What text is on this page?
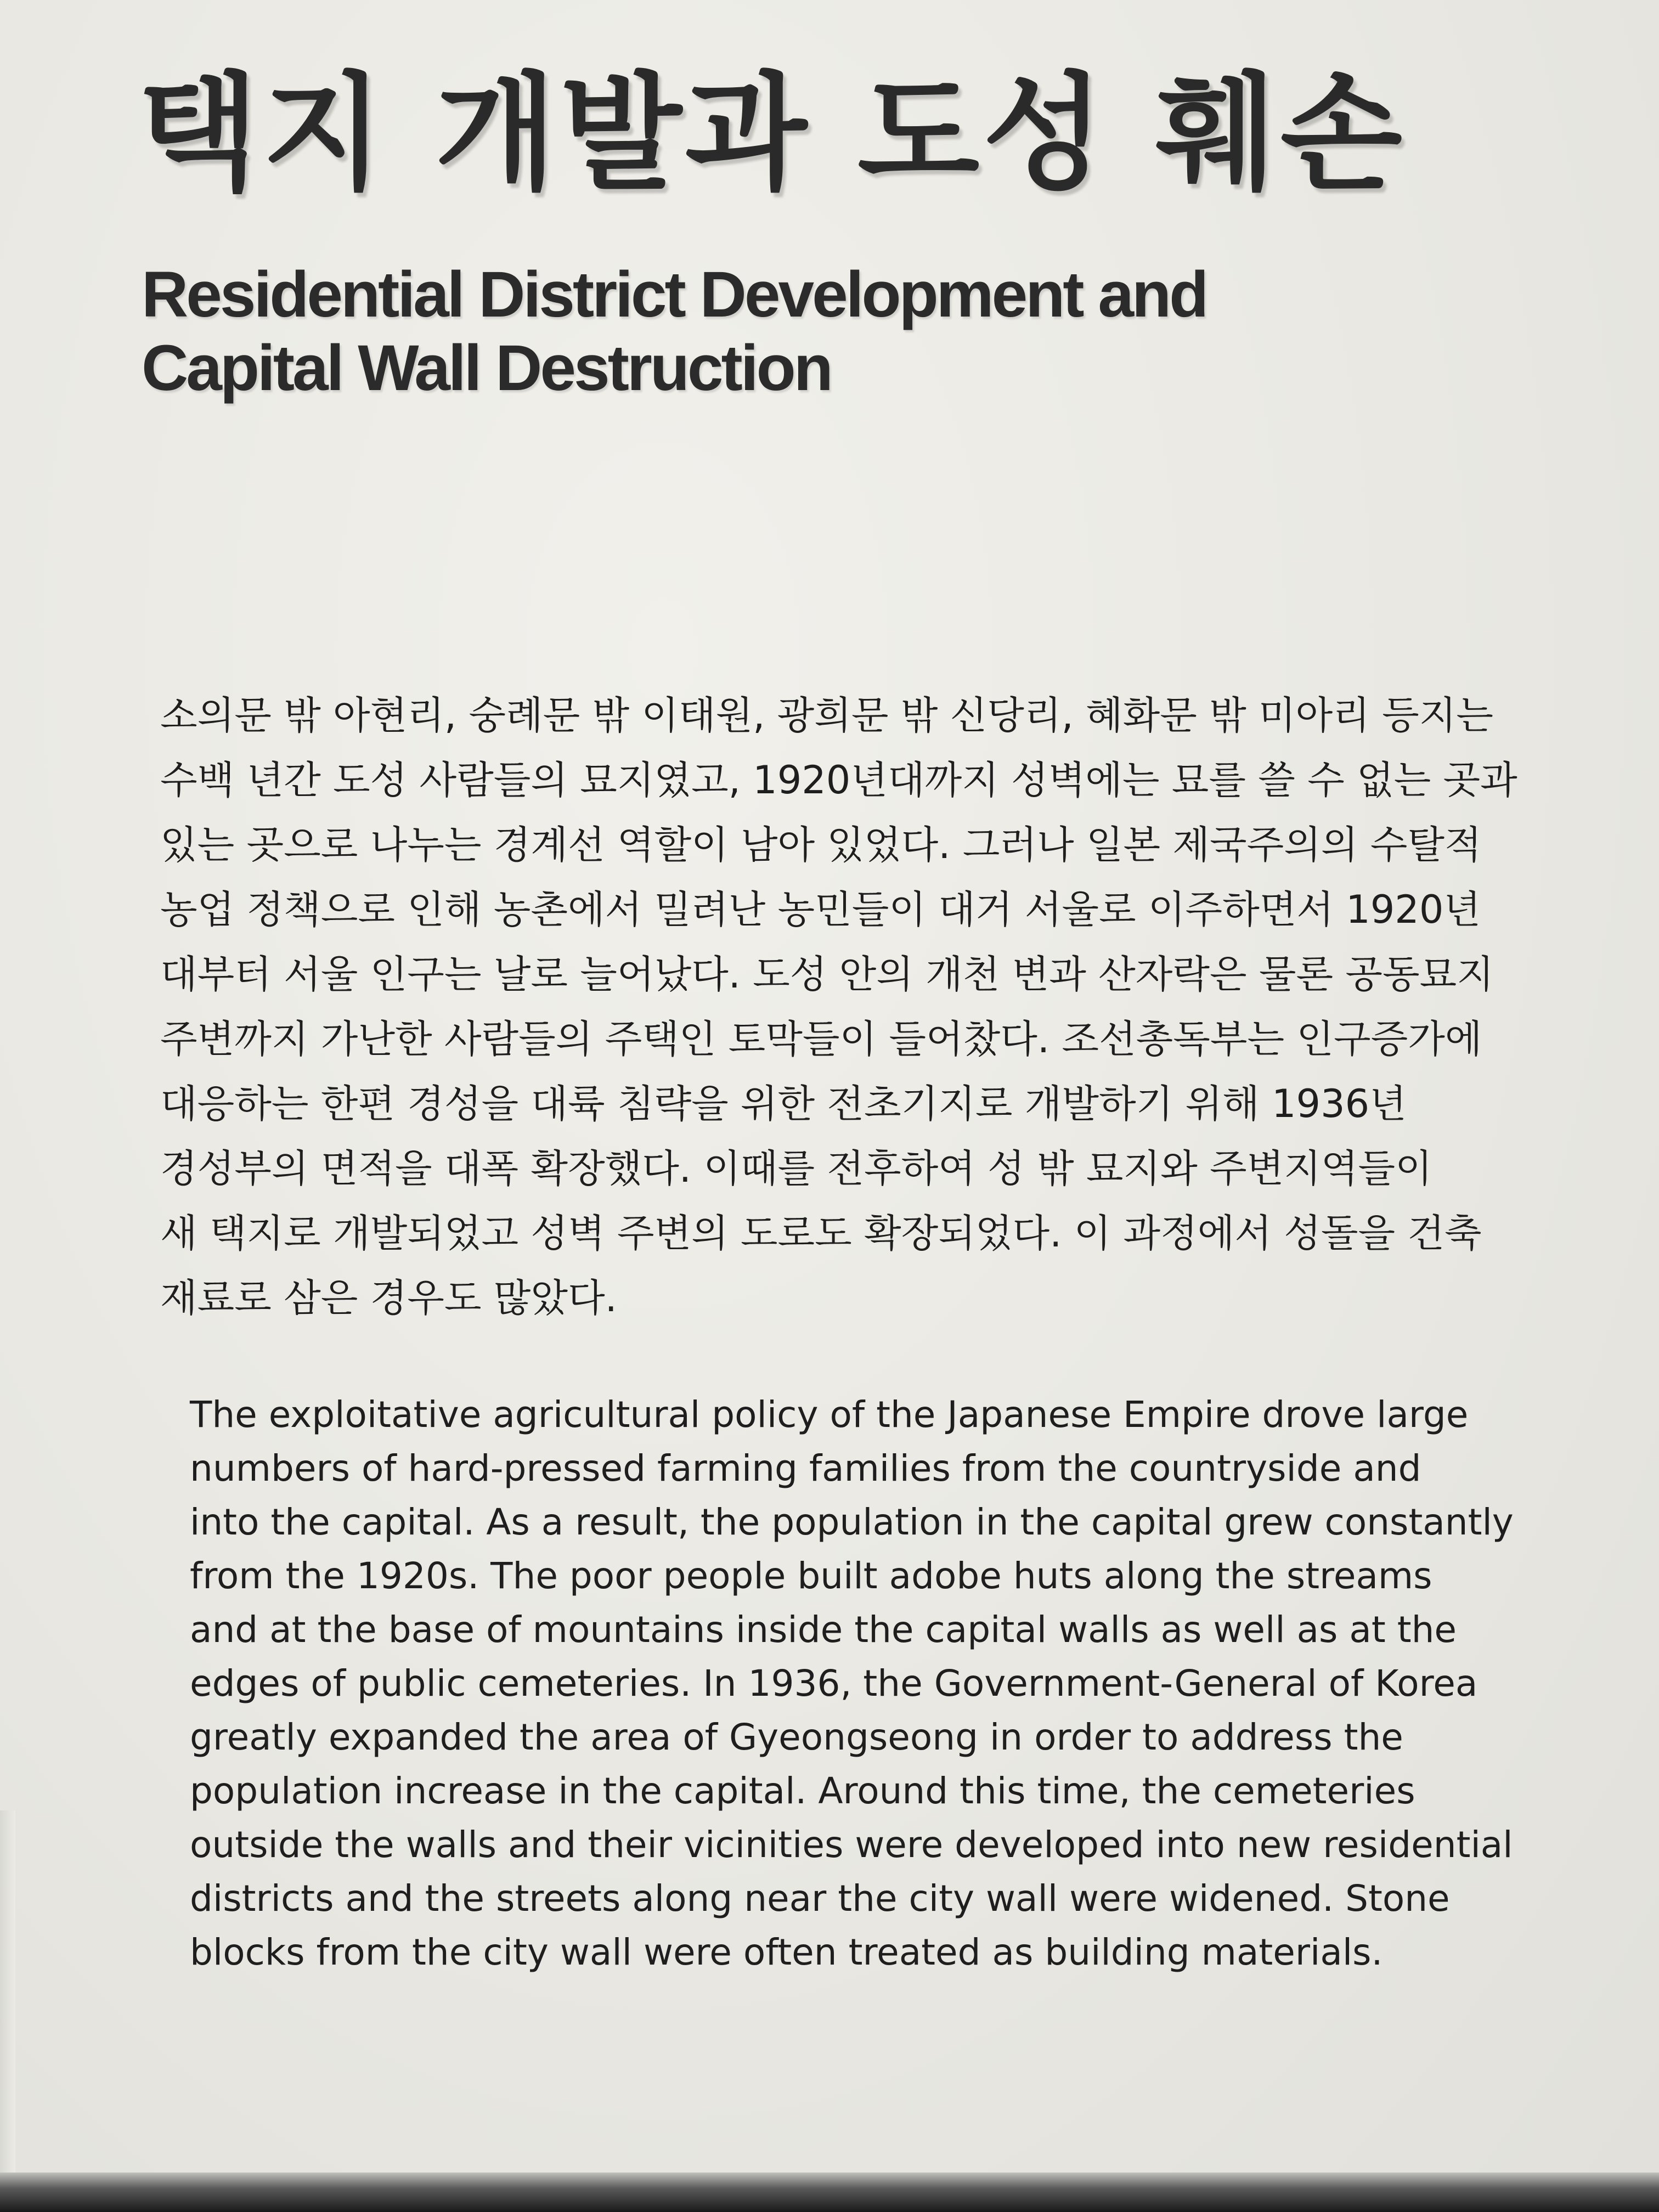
택지 개발과 도성 훼손
Residential District Development and
Capital Wall Destruction
소의문 밖 아현리, 숭례문 밖 이태원, 광희문 밖 신당리, 혜화문 밖 미아리 등지는
수백 년간 도성 사람들의 묘지였고, 1920년대까지 성벽에는 묘를 쓸 수 없는 곳과
있는 곳으로 나누는 경계선 역할이 남아 있었다. 그러나 일본 제국주의의 수탈적
농업 정책으로 인해 농촌에서 밀려난 농민들이 대거 서울로 이주하면서 1920년
대부터 서울 인구는 날로 늘어났다. 도성 안의 개천 변과 산자락은 물론 공동묘지
주변까지 가난한 사람들의 주택인 토막들이 들어찼다. 조선총독부는 인구증가에
대응하는 한편 경성을 대륙 침략을 위한 전초기지로 개발하기 위해 1936년
경성부의 면적을 대폭 확장했다. 이때를 전후하여 성 밖 묘지와 주변지역들이
새 택지로 개발되었고 성벽 주변의 도로도 확장되었다. 이 과정에서 성돌을 건축
재료로 삼은 경우도 많았다.
The exploitative agricultural policy of the Japanese Empire drove large
numbers of hard-pressed farming families from the countryside and
into the capital. As a result, the population in the capital grew constantly
from the 1920s. The poor people built adobe huts along the streams
and at the base of mountains inside the capital walls as well as at the
edges of public cemeteries. In 1936, the Government-General of Korea
greatly expanded the area of Gyeongseong in order to address the
population increase in the capital. Around this time, the cemeteries
outside the walls and their vicinities were developed into new residential
districts and the streets along near the city wall were widened. Stone
blocks from the city wall were often treated as building materials.
